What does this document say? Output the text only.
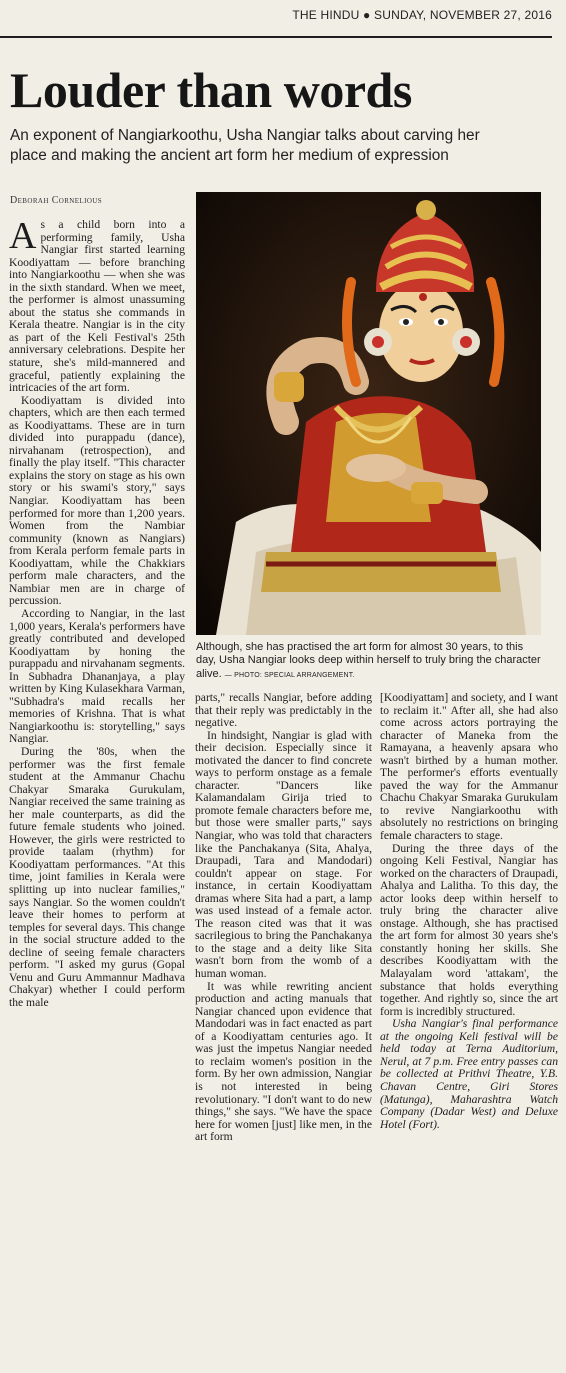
THE HINDU ● SUNDAY, NOVEMBER 27, 2016
Louder than words

An exponent of Nangiarkoothu, Usha Nangiar talks about carving her place and making the ancient art form her medium of expression

Deborah Cornelious

As a child born into a performing family, Usha Nangiar first started learning Koodiyattam — before branching into Nangiarkoothu — when she was in the sixth standard. When we meet, the performer is almost unassuming about the status she commands in Kerala theatre. Nangiar is in the city as part of the Keli Festival's 25th anniversary celebrations. Despite her stature, she's mild-mannered and graceful, patiently explaining the intricacies of the art form.

Koodiyattam is divided into chapters, which are then each termed as Koodiyattams. These are in turn divided into purappadu (dance), nirvahanam (retrospection), and finally the play itself. "This character explains the story on stage as his own story or his swami's story," says Nangiar. Koodiyattam has been performed for more than 1,200 years. Women from the Nambiar community (known as Nangiars) from Kerala perform female parts in Koodiyattam, while the Chakkiars perform male characters, and the Nambiar men are in charge of percussion.

According to Nangiar, in the last 1,000 years, Kerala's performers have greatly contributed and developed Koodiyattam by honing the purappadu and nirvahanam segments. In Subhadra Dhananjaya, a play written by King Kulasekhara Varman, "Subhadra's maid recalls her memories of Krishna. That is what Nangiarkoothu is: storytelling," says Nangiar.

During the '80s, when the performer was the first female student at the Ammanur Chachu Chakyar Smaraka Gurukulam, Nangiar received the same training as her male counterparts, as did the future female students who joined. However, the girls were restricted to provide taalam (rhythm) for Koodiyattam performances. "At this time, joint families in Kerala were splitting up into nuclear families," says Nangiar. So the women couldn't leave their homes to perform at temples for several days. This change in the social structure added to the decline of seeing female characters perform. "I asked my gurus (Gopal Venu and Guru Ammannur Madhava Chakyar) whether I could perform the male

Although, she has practised the art form for almost 30 years, to this day, Usha Nangiar looks deep within herself to truly bring the character alive. — PHOTO: SPECIAL ARRANGEMENT.

parts," recalls Nangiar, before adding that their reply was predictably in the negative.

In hindsight, Nangiar is glad with their decision. Especially since it motivated the dancer to find concrete ways to perform onstage as a female character. "Dancers like Kalamandalam Girija tried to promote female characters before me, but those were smaller parts," says Nangiar, who was told that characters like the Panchakanya (Sita, Ahalya, Draupadi, Tara and Mandodari) couldn't appear on stage. For instance, in certain Koodiyattam dramas where Sita had a part, a lamp was used instead of a female actor. The reason cited was that it was sacrilegious to bring the Panchakanya to the stage and a deity like Sita wasn't born from the womb of a human woman.

It was while rewriting ancient production and acting manuals that Nangiar chanced upon evidence that Mandodari was in fact enacted as part of a Koodiyattam centuries ago. It was just the impetus Nangiar needed to reclaim women's position in the form. By her own admission, Nangiar is not interested in being revolutionary. "I don't want to do new things," she says. "We have the space here for women [just] like men, in the art form

[Koodiyattam] and society, and I want to reclaim it." After all, she had also come across actors portraying the character of Maneka from the Ramayana, a heavenly apsara who wasn't birthed by a human mother. The performer's efforts eventually paved the way for the Ammanur Chachu Chakyar Smaraka Gurukulam to revive Nangiarkoothu with absolutely no restrictions on bringing female characters to stage.

During the three days of the ongoing Keli Festival, Nangiar has worked on the characters of Draupadi, Ahalya and Lalitha. To this day, the actor looks deep within herself to truly bring the character alive onstage. Although, she has practised the art form for almost 30 years she's constantly honing her skills. She describes Koodiyattam with the Malayalam word 'attakam', the substance that holds everything together. And rightly so, since the art form is incredibly structured.

Usha Nangiar's final performance at the ongoing Keli festival will be held today at Terna Auditorium, Nerul, at 7 p.m. Free entry passes can be collected at Prithvi Theatre, Y.B. Chavan Centre, Giri Stores (Matunga), Maharashtra Watch Company (Dadar West) and Deluxe Hotel (Fort).
